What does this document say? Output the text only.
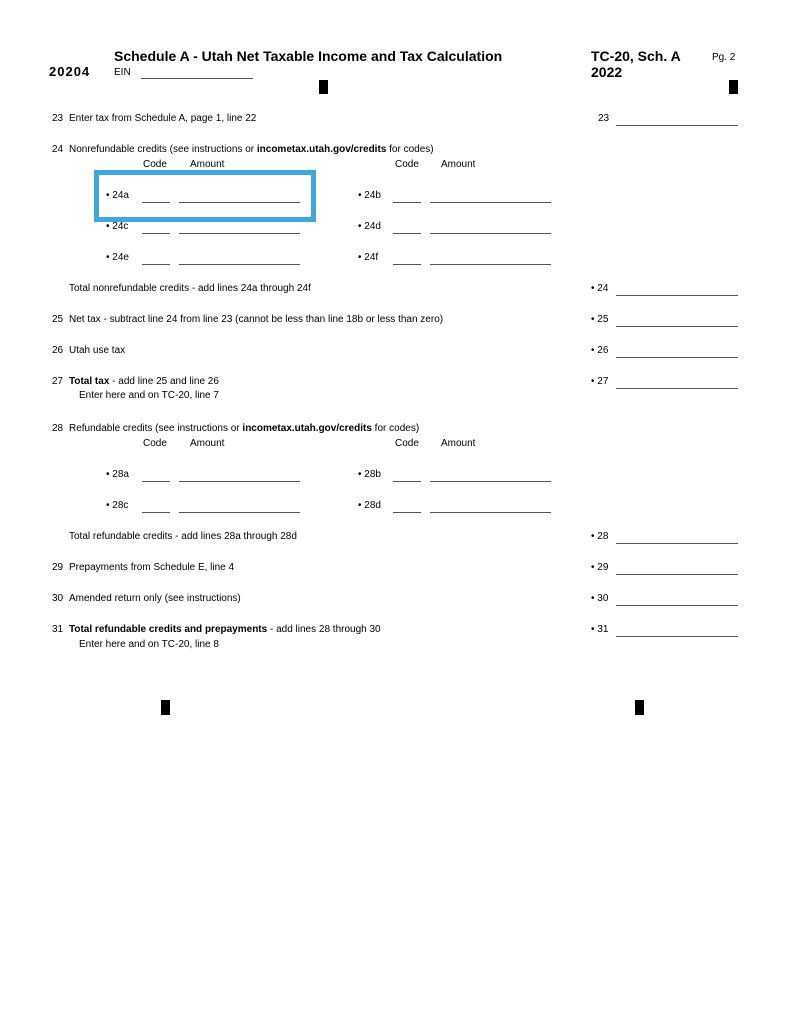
20204
Schedule A - Utah Net Taxable Income and Tax Calculation
EIN
TC-20, Sch. A
2022
Pg. 2
23 Enter tax from Schedule A, page 1, line 22	23
24 Nonrefundable credits (see instructions or incometax.utah.gov/credits for codes)
Code Amount	Code Amount
• 24a	• 24b
• 24c	• 24d
• 24e	• 24f
Total nonrefundable credits - add lines 24a through 24f	• 24
25 Net tax - subtract line 24 from line 23 (cannot be less than line 18b or less than zero)	• 25
26 Utah use tax	• 26
27 Total tax - add line 25 and line 26
Enter here and on TC-20, line 7
• 27
28 Refundable credits (see instructions or incometax.utah.gov/credits for codes)
Code Amount	Code Amount
• 28a	• 28b
• 28c	• 28d
Total refundable credits - add lines 28a through 28d	• 28
29 Prepayments from Schedule E, line 4	• 29
30 Amended return only (see instructions)	• 30
31 Total refundable credits and prepayments - add lines 28 through 30
Enter here and on TC-20, line 8
• 31
